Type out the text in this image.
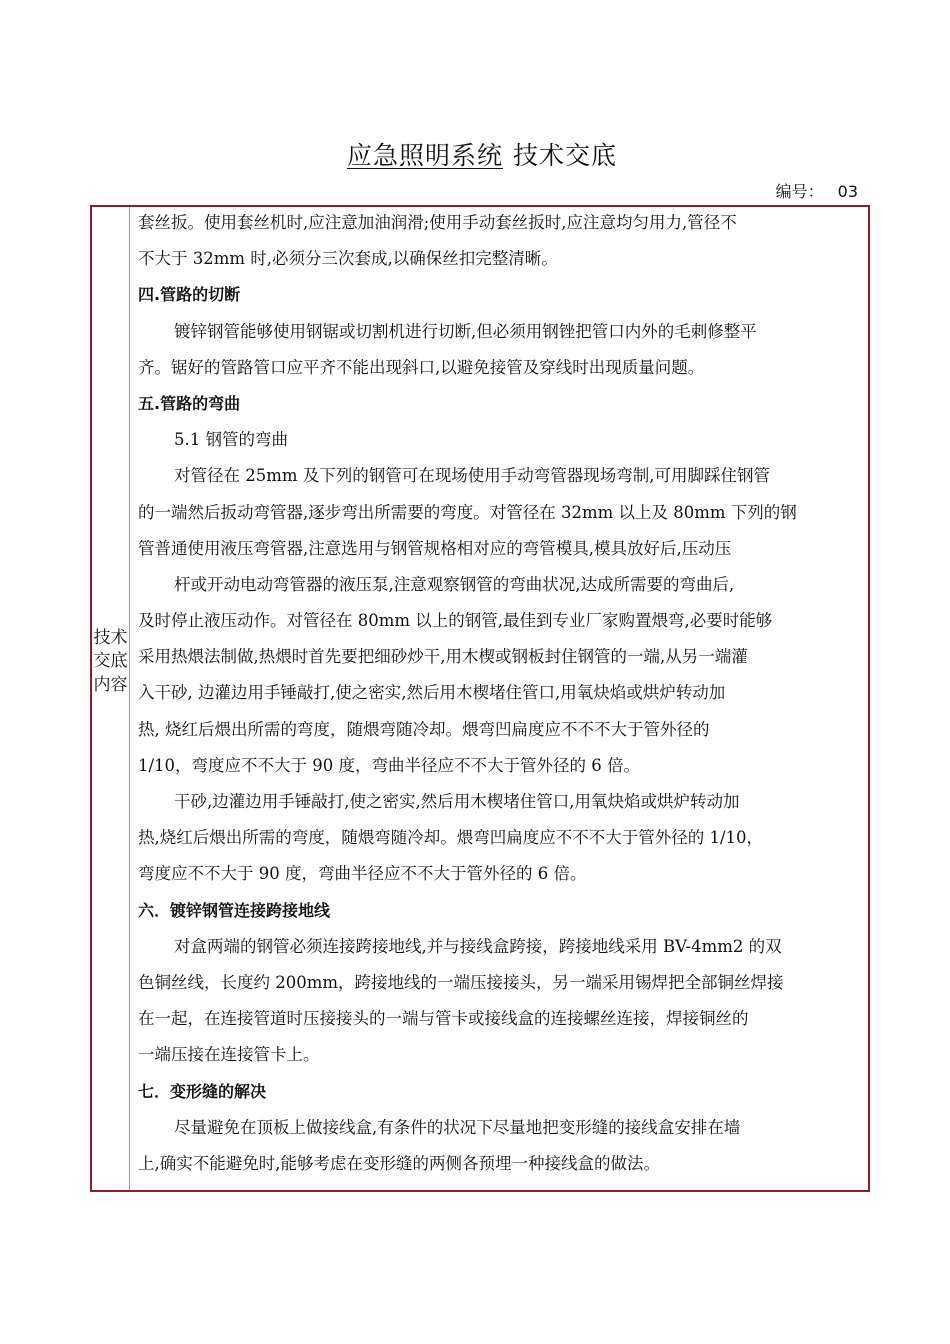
应急照明系统 技术交底
编号： 03
技术交底内容
套丝扳。使用套丝机时,应注意加油润滑;使用手动套丝扳时,应注意均匀用力,管径不
不大于 32mm 时,必须分三次套成,以确保丝扣完整清晰。
四.管路的切断
镀锌钢管能够使用钢锯或切割机进行切断,但必须用钢锉把管口内外的毛刺修整平
齐。锯好的管路管口应平齐不能出现斜口,以避免接管及穿线时出现质量问题。
五.管路的弯曲
5.1 钢管的弯曲
对管径在 25mm 及下列的钢管可在现场使用手动弯管器现场弯制,可用脚踩住钢管
的一端然后扳动弯管器,逐步弯出所需要的弯度。对管径在 32mm 以上及 80mm 下列的钢
管普通使用液压弯管器,注意选用与钢管规格相对应的弯管模具,模具放好后,压动压
杆或开动电动弯管器的液压泵,注意观察钢管的弯曲状况,达成所需要的弯曲后,
及时停止液压动作。对管径在 80mm 以上的钢管,最佳到专业厂家购置煨弯,必要时能够
采用热煨法制做,热煨时首先要把细砂炒干,用木楔或钢板封住钢管的一端,从另一端灌
入干砂, 边灌边用手锤敲打,使之密实,然后用木楔堵住管口,用氧炔焰或烘炉转动加
热, 烧红后煨出所需的弯度，随煨弯随冷却。煨弯凹扁度应不不不大于管外径的
1/10，弯度应不不大于 90 度，弯曲半径应不不大于管外径的 6 倍。
干砂,边灌边用手锤敲打,使之密实,然后用木楔堵住管口,用氧炔焰或烘炉转动加
热,烧红后煨出所需的弯度，随煨弯随冷却。煨弯凹扁度应不不不大于管外径的 1/10，
弯度应不不大于 90 度，弯曲半径应不不大于管外径的 6 倍。
六．镀锌钢管连接跨接地线
对盒两端的钢管必须连接跨接地线,并与接线盒跨接，跨接地线采用 BV-4mm2 的双
色铜丝线，长度约 200mm，跨接地线的一端压接接头，另一端采用锡焊把全部铜丝焊接
在一起，在连接管道时压接接头的一端与管卡或接线盒的连接螺丝连接，焊接铜丝的
一端压接在连接管卡上。
七．变形缝的解决
尽量避免在顶板上做接线盒,有条件的状况下尽量地把变形缝的接线盒安排在墙
上,确实不能避免时,能够考虑在变形缝的两侧各预埋一种接线盒的做法。
